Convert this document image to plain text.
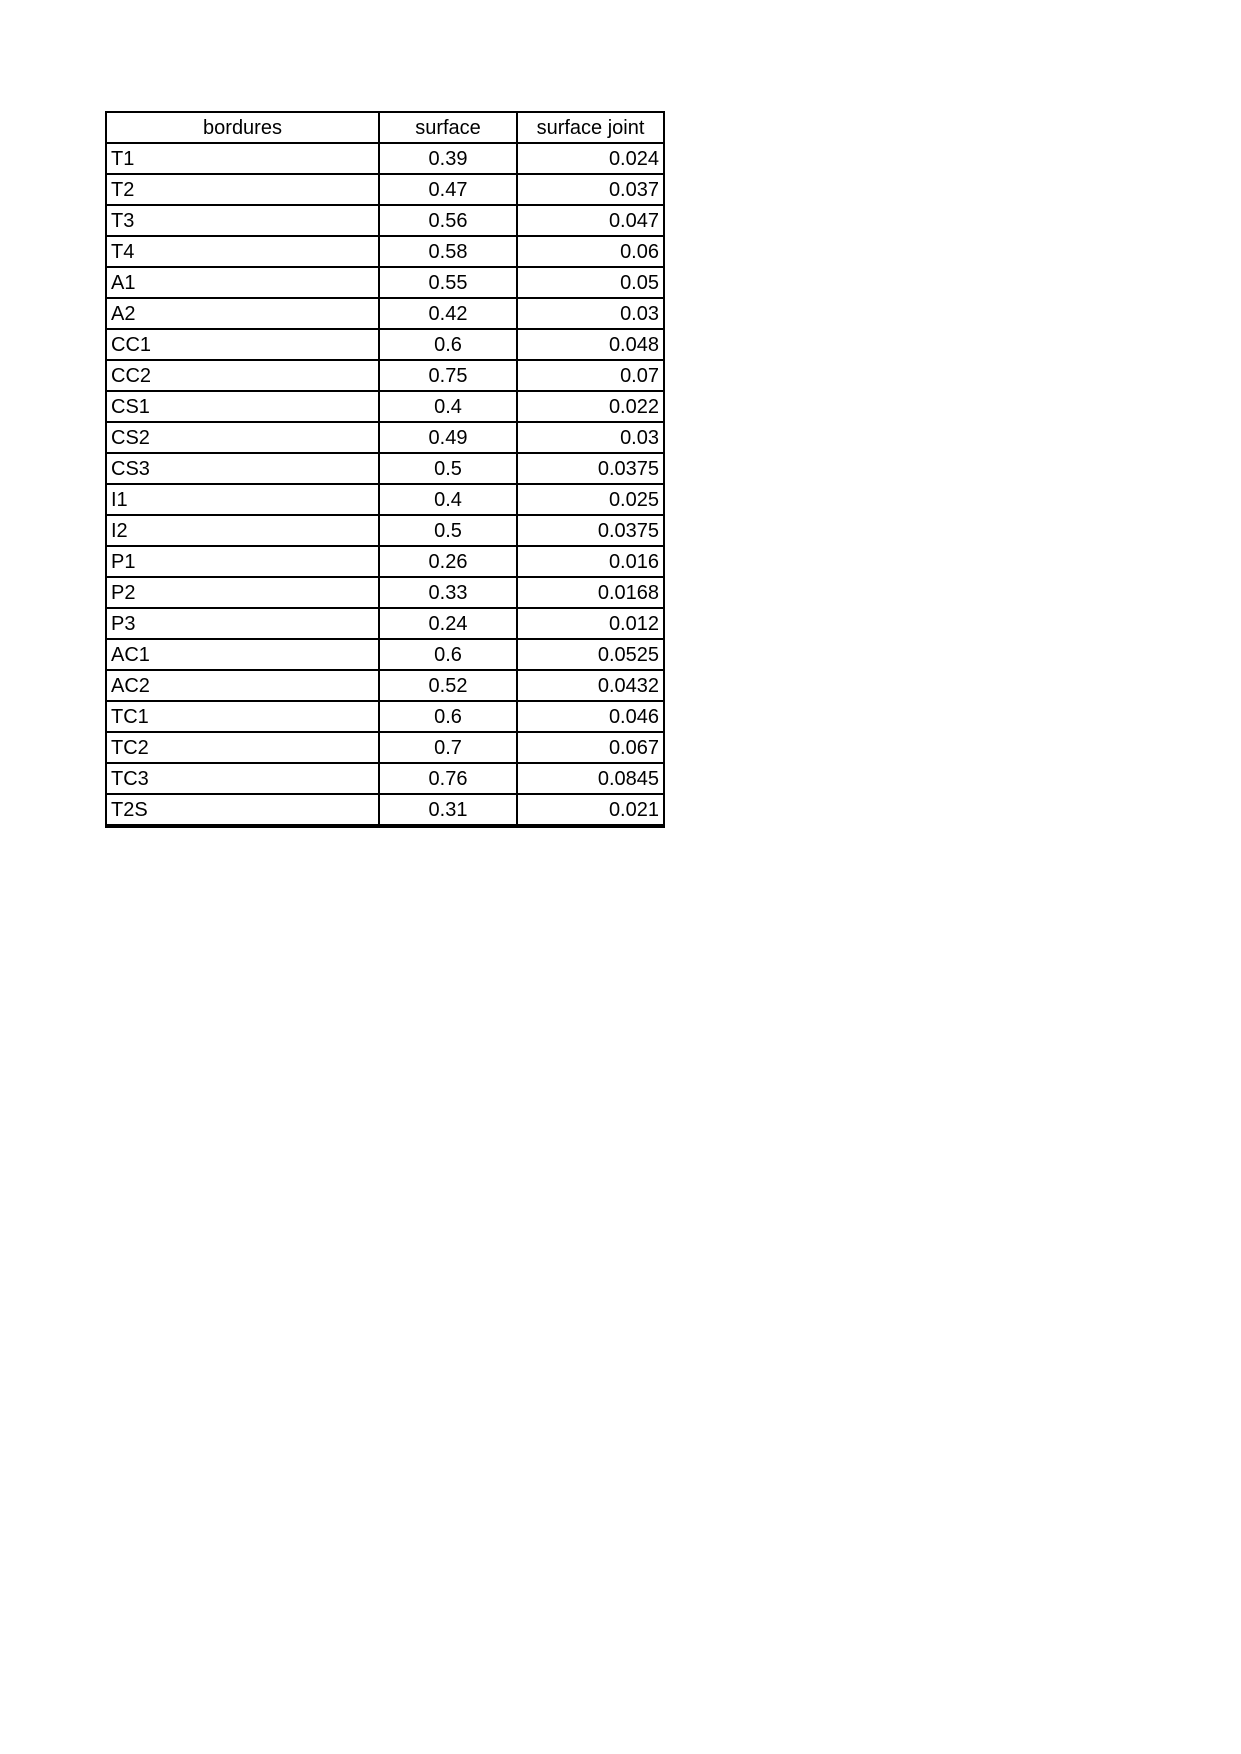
bordures	surface	surface joint
T1	0.39	0.024
T2	0.47	0.037
T3	0.56	0.047
T4	0.58	0.06
A1	0.55	0.05
A2	0.42	0.03
CC1	0.6	0.048
CC2	0.75	0.07
CS1	0.4	0.022
CS2	0.49	0.03
CS3	0.5	0.0375
I1	0.4	0.025
I2	0.5	0.0375
P1	0.26	0.016
P2	0.33	0.0168
P3	0.24	0.012
AC1	0.6	0.0525
AC2	0.52	0.0432
TC1	0.6	0.046
TC2	0.7	0.067
TC3	0.76	0.0845
T2S	0.31	0.021
